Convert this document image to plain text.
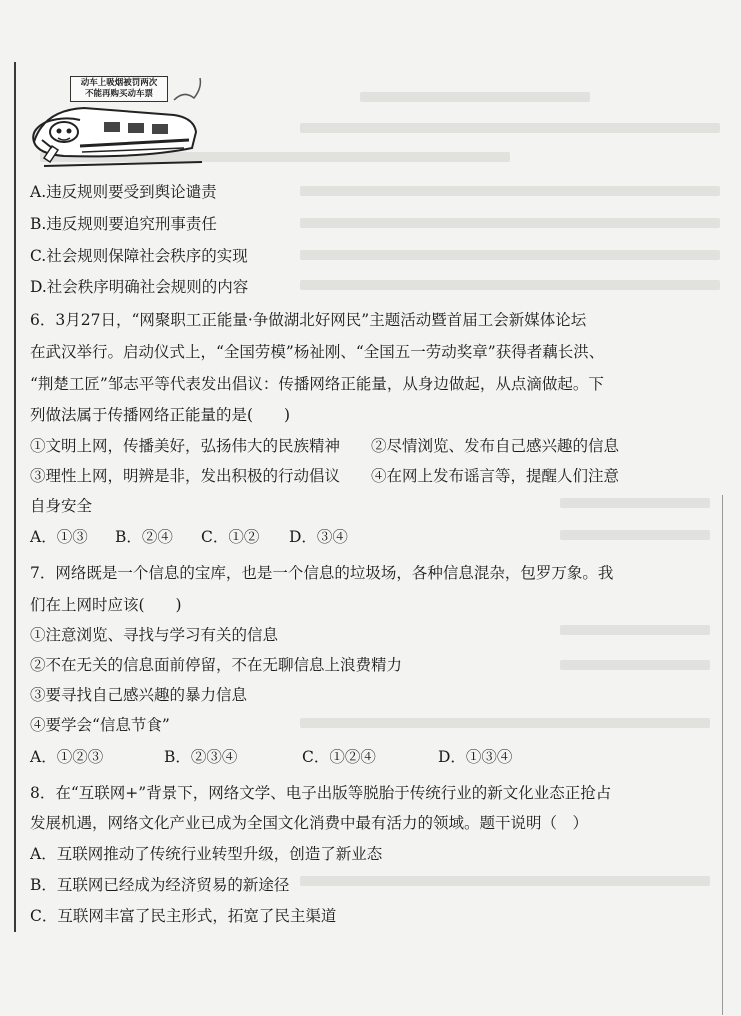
动车上吸烟被罚两次
不能再购买动车票
A.违反规则要受到舆论谴责
B.违反规则要追究刑事责任
C.社会规则保障社会秩序的实现
D.社会秩序明确社会规则的内容
6．3月27日，“网聚职工正能量·争做湖北好网民”主题活动暨首届工会新媒体论坛
在武汉举行。启动仪式上，“全国劳模”杨祉刚、“全国五一劳动奖章”获得者藕长洪、
“荆楚工匠”邹志平等代表发出倡议：传播网络正能量，从身边做起，从点滴做起。下
列做法属于传播网络正能量的是(　　)
①文明上网，传播美好，弘扬伟大的民族精神　　②尽情浏览、发布自己感兴趣的信息
③理性上网，明辨是非，发出积极的行动倡议　　④在网上发布谣言等，提醒人们注意
自身安全
A．①③	B．②④	C．①②	D．③④
7．网络既是一个信息的宝库，也是一个信息的垃圾场，各种信息混杂，包罗万象。我
们在上网时应该(　　)
①注意浏览、寻找与学习有关的信息
②不在无关的信息面前停留，不在无聊信息上浪费精力
③要寻找自己感兴趣的暴力信息
④要学会“信息节食”
A．①②③	B．②③④	C．①②④	D．①③④
8．在“互联网+”背景下，网络文学、电子出版等脱胎于传统行业的新文化业态正抢占
发展机遇，网络文化产业已成为全国文化消费中最有活力的领域。题干说明（　）
A．互联网推动了传统行业转型升级，创造了新业态
B．互联网已经成为经济贸易的新途径
C．互联网丰富了民主形式，拓宽了民主渠道
